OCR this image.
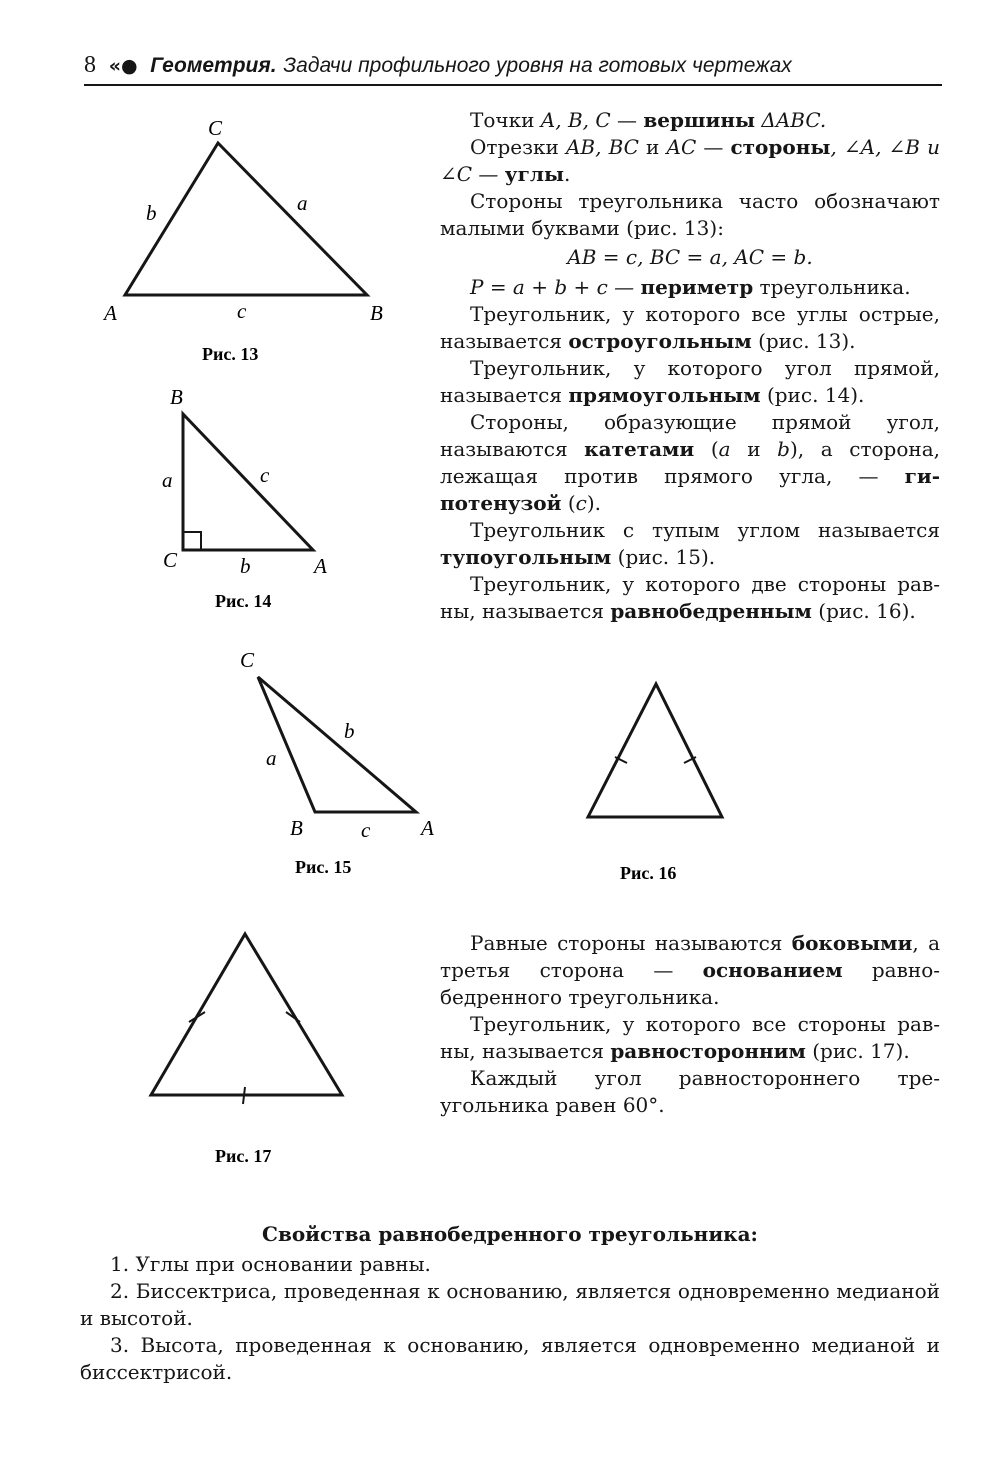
8 «● Геометрия. Задачи профильного уровня на готовых чертежах
C
A	B
b	a
c
Рис. 13
B
a	c
C	b	A
Рис. 14
C
b
a
B	c A
Рис. 15	Рис. 16
Рис. 17

Точки A, B, C — вершины ΔABC.

Отрезки AB, BC и AC — стороны, ∠A, ∠B и ∠C — углы.

Стороны треугольника часто обозначают малыми буквами (рис. 13):

AB = c, BC = a, AC = b.

P = a + b + c — периметр треугольника.

Треугольник, у которого все углы острые, называется остроугольным (рис. 13).

Треугольник, у которого угол прямой, называется прямоугольным (рис. 14).

Стороны, образующие прямой угол, называются катетами (a и b), а сторона, лежащая против прямого угла, — гипотенузой (c).

Треугольник с тупым углом называется тупоугольным (рис. 15).

Треугольник, у которого две стороны равны, называется равнобедренным (рис. 16).

Равные стороны называются боковыми, а третья сторона — основанием равнобедренного треугольника.

Треугольник, у которого все стороны равны, называется равносторонним (рис. 17).

Каждый угол равностороннего треугольника равен 60°.

Свойства равнобедренного треугольника:

1. Углы при основании равны.

2. Биссектриса, проведенная к основанию, является одновременно медианой и высотой.

3. Высота, проведенная к основанию, является одновременно медианой и биссектрисой.
